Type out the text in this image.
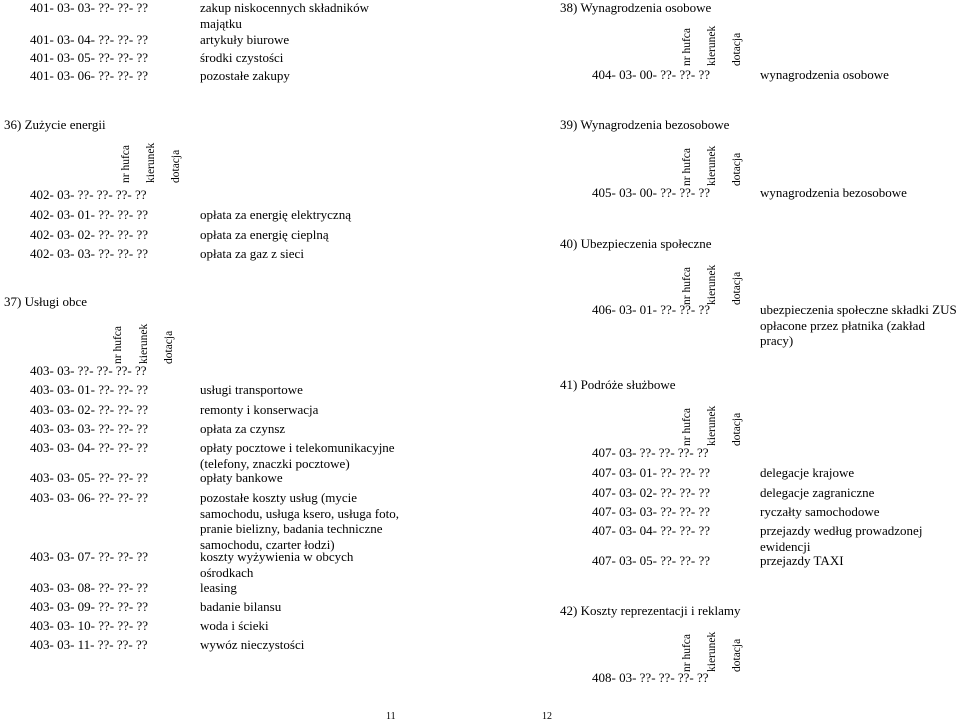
401- 03- 03- ??- ??- ??	zakup niskocennych składników majątku
401- 03- 04- ??- ??- ??	artykuły biurowe
401- 03- 05- ??- ??- ??	środki czystości
401- 03- 06- ??- ??- ??	pozostałe zakupy
36) Zużycie energii
nr hufca kierunek dotacja
402- 03- ??- ??- ??- ??
402- 03- 01- ??- ??- ??	opłata za energię elektryczną
402- 03- 02- ??- ??- ??	opłata za energię cieplną
402- 03- 03- ??- ??- ??	opłata za gaz z sieci
37) Usługi obce
nr hufca kierunek dotacja
403- 03- ??- ??- ??- ??
403- 03- 01- ??- ??- ??	usługi transportowe
403- 03- 02- ??- ??- ??	remonty i konserwacja
403- 03- 03- ??- ??- ??	opłata za czynsz
403- 03- 04- ??- ??- ??	opłaty pocztowe i telekomunikacyjne (telefony, znaczki pocztowe)
403- 03- 05- ??- ??- ??	opłaty bankowe
403- 03- 06- ??- ??- ??	pozostałe koszty usług (mycie samochodu, usługa ksero, usługa foto, pranie bielizny, badania techniczne samochodu, czarter łodzi)
403- 03- 07- ??- ??- ??	koszty wyżywienia w obcych ośrodkach
403- 03- 08- ??- ??- ??	leasing
403- 03- 09- ??- ??- ??	badanie bilansu
403- 03- 10- ??- ??- ??	woda i ścieki
403- 03- 11- ??- ??- ??	wywóz nieczystości
38) Wynagrodzenia osobowe
nr hufca kierunek dotacja
404- 03- 00- ??- ??- ??	wynagrodzenia osobowe
39) Wynagrodzenia bezosobowe
nr hufca kierunek dotacja
405- 03- 00- ??- ??- ??	wynagrodzenia bezosobowe
40) Ubezpieczenia społeczne
nr hufca kierunek dotacja
406- 03- 01- ??- ??- ??	ubezpieczenia społeczne składki ZUS opłacone przez płatnika (zakład pracy)
41) Podróże służbowe
nr hufca kierunek dotacja
407- 03- ??- ??- ??- ??
407- 03- 01- ??- ??- ??	delegacje krajowe
407- 03- 02- ??- ??- ??	delegacje zagraniczne
407- 03- 03- ??- ??- ??	ryczałty samochodowe
407- 03- 04- ??- ??- ??	przejazdy według prowadzonej ewidencji
407- 03- 05- ??- ??- ??	przejazdy TAXI
42) Koszty reprezentacji i reklamy
nr hufca kierunek dotacja
408- 03- ??- ??- ??- ??
11	12
